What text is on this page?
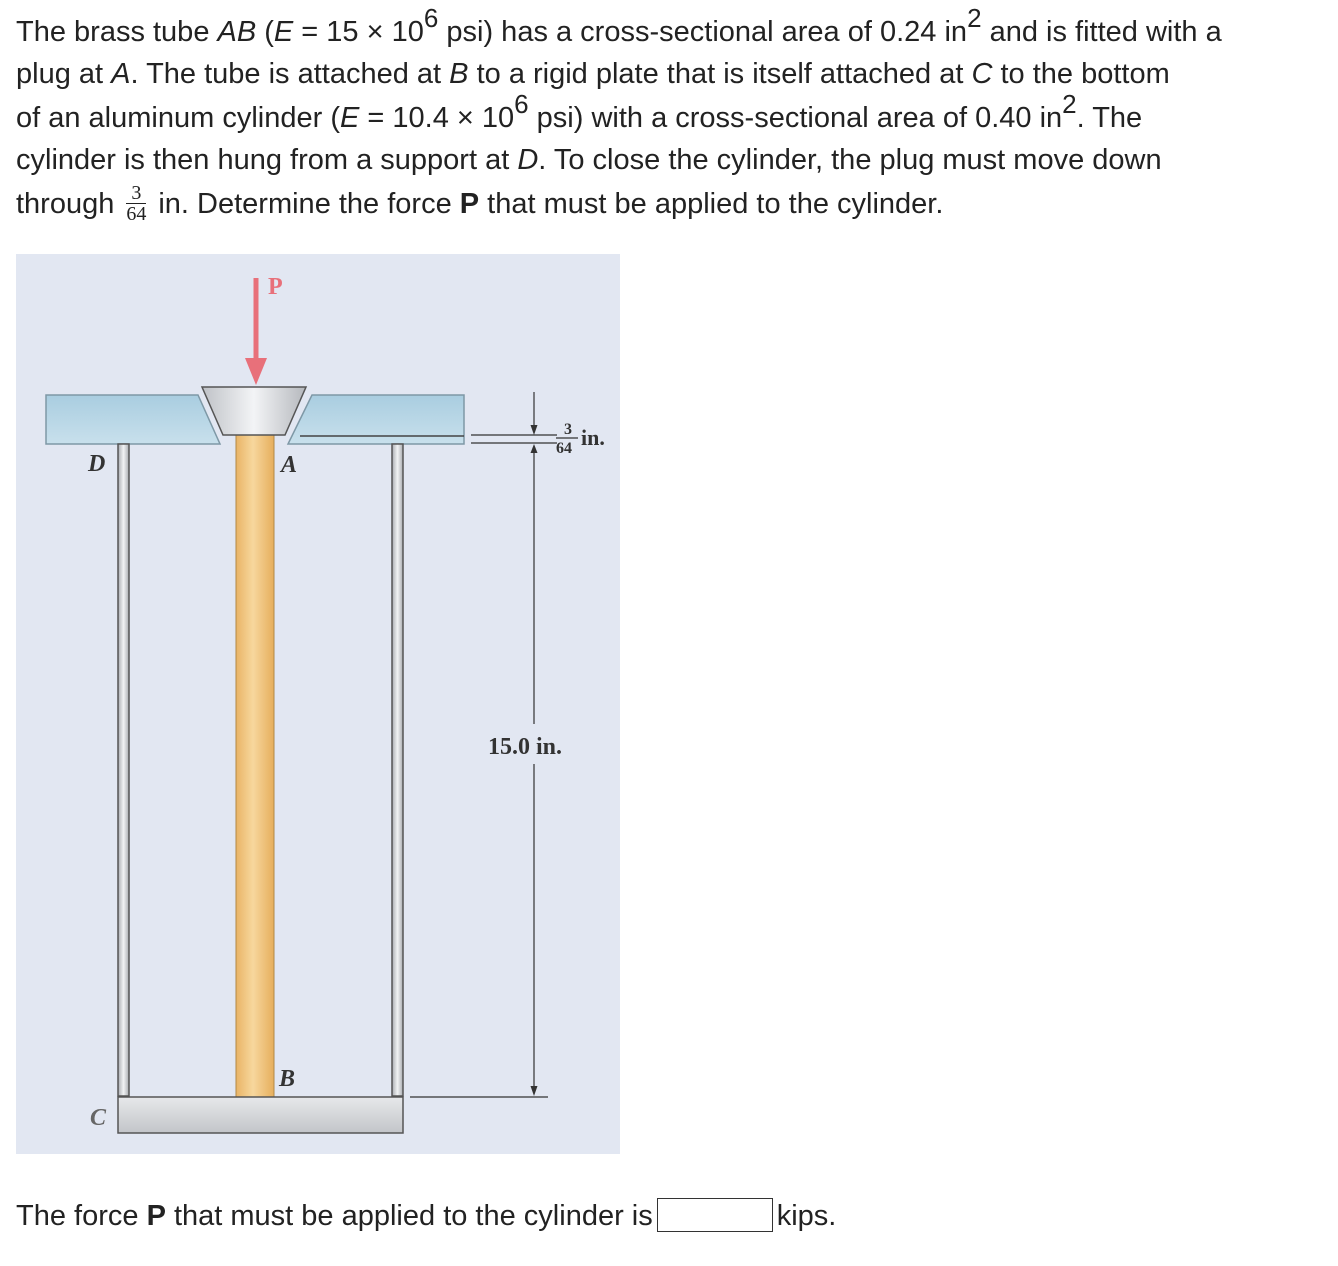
The brass tube AB ($E = 15 \times 10^6$ psi) has a cross-sectional area of 0.24 $in^2$ and is fitted with a
plug at A. The tube is attached at B to a rigid plate that is itself attached at C to the bottom
of an aluminum cylinder ($E = 10.4 \times 10^6$ psi) with a cross-sectional area of 0.40 $in^2$. The
cylinder is then hung from a support at D. To close the cylinder, the plug must move down
through $\frac{3}{64}$ in. Determine the force P that must be applied to the cylinder.
P
A
B
C
D
3
64 in.
15.0 in.
The force P that must be applied to the cylinder is	kips.
